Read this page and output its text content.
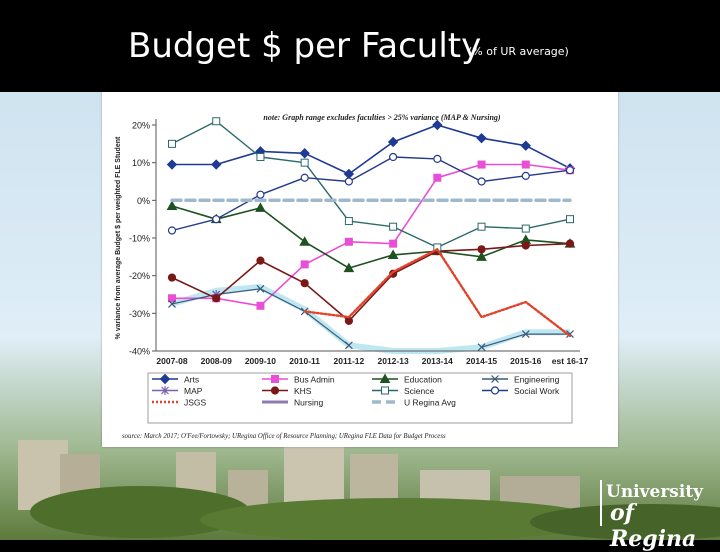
Budget $ per Faculty
(% of UR average)
20%
10%
0%
-10%
-20%
-30%
-40%
2007-08 2008-09 2009-10 2010-11 2011-12 2012-13 2013-14 2014-15 2015-16 est 16-17
% variance from average Budget $ per weighted FLE Student
note: Graph range excludes faculties > 25% variance (MAP & Nursing)
source: March 2017; O'Fee/Fortowsky; URegina Office of Resource Planning; URegina FLE Data for Budget Process
Arts	Bus Admin	Education	Engineering
MAP	KHS	Science	Social Work
JSGS	Nursing	U Regina Avg
University
of Regina
